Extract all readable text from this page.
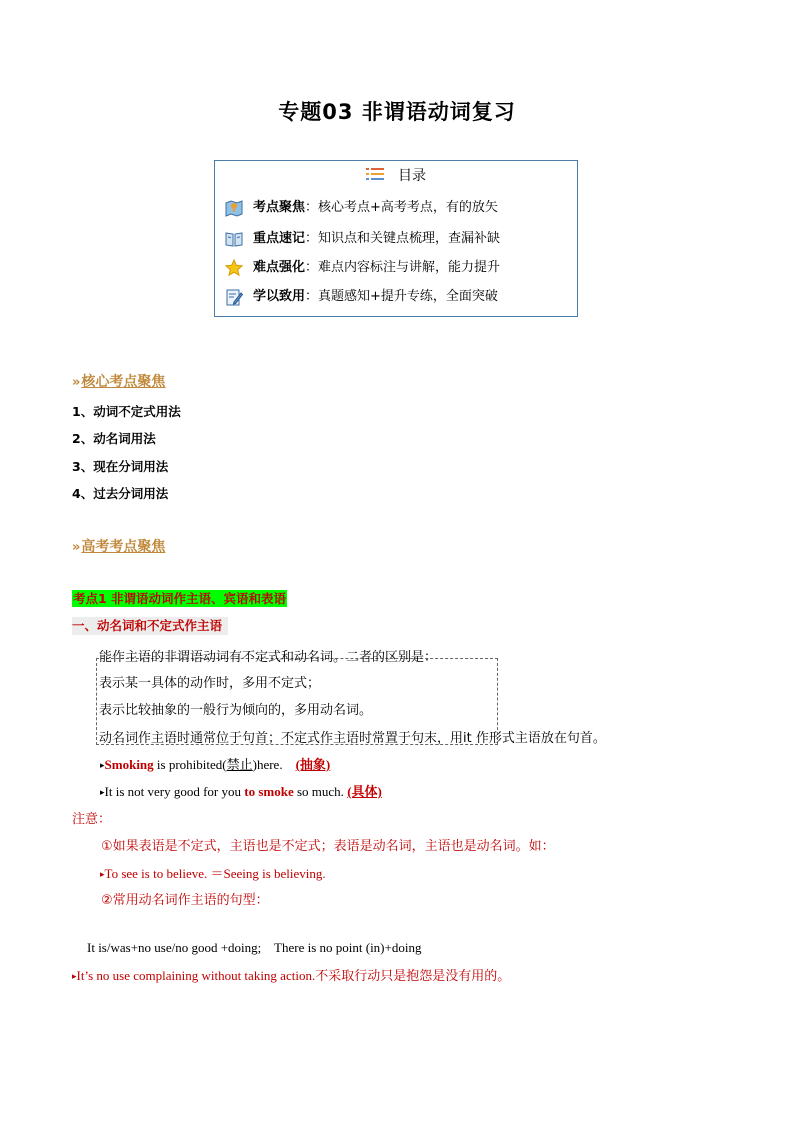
专题03 非谓语动词复习
目录
考点聚焦：核心考点+高考考点，有的放矢
重点速记：知识点和关键点梳理，查漏补缺
难点强化：难点内容标注与讲解，能力提升
学以致用：真题感知+提升专练，全面突破
»核心考点聚焦
1、动词不定式用法
2、动名词用法
3、现在分词用法
4、过去分词用法
»高考考点聚焦
考点1 非谓语动词作主语、宾语和表语
一、动名词和不定式作主语
能作主语的非谓语动词有不定式和动名词。二者的区别是：
表示某一具体的动作时，多用不定式；
表示比较抽象的一般行为倾向的，多用动名词。
动名词作主语时通常位于句首；不定式作主语时常置于句末，用it 作形式主语放在句首。
▸Smoking is prohibited(禁止)here. (抽象)
▸It is not very good for you to smoke so much. (具体)
注意：
①如果表语是不定式，主语也是不定式；表语是动名词，主语也是动名词。如：
▸To see is to believe. ＝Seeing is believing.
②常用动名词作主语的句型：
It is/was+no use/no good +doing;    There is no point (in)+doing
▸It’s no use complaining without taking action.不采取行动只是抱怨是没有用的。
